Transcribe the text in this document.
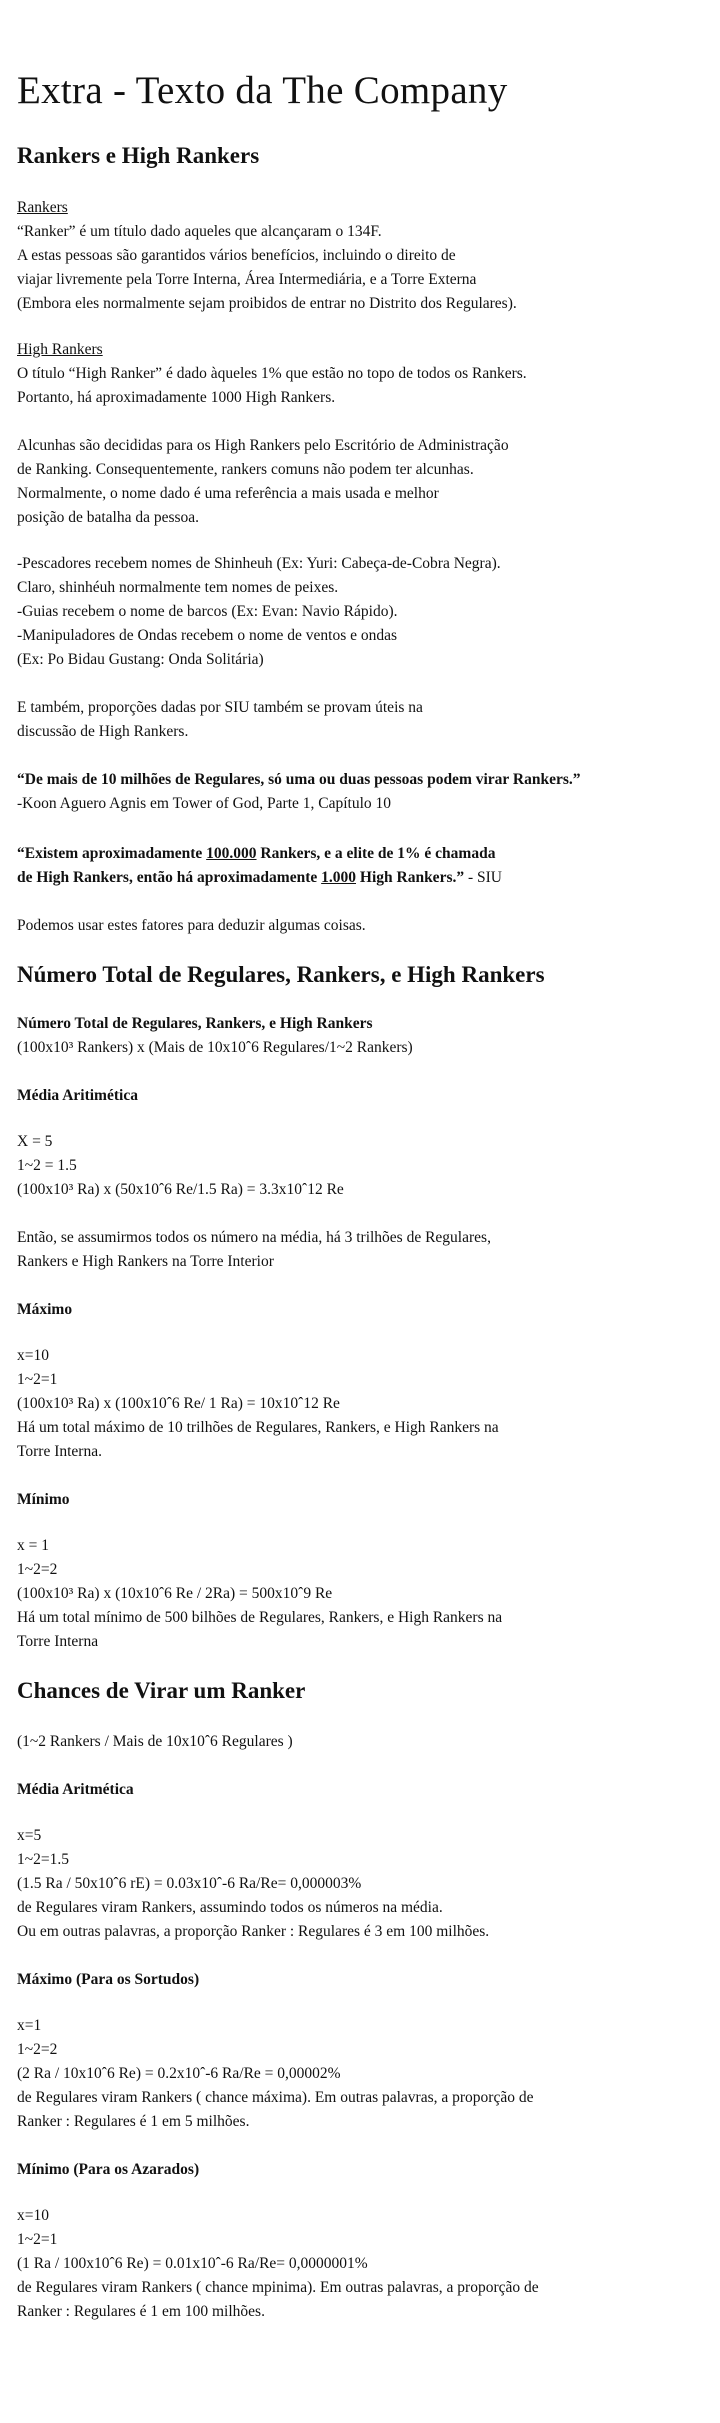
Extra - Texto da The Company
Rankers e High Rankers
Rankers
“Ranker” é um título dado aqueles que alcançaram o 134F.
A estas pessoas são garantidos vários benefícios, incluindo o direito de
viajar livremente pela Torre Interna, Área Intermediária, e a Torre Externa
(Embora eles normalmente sejam proibidos de entrar no Distrito dos Regulares).
High Rankers
O título “High Ranker” é dado àqueles 1% que estão no topo de todos os Rankers.
Portanto, há aproximadamente 1000 High Rankers.
Alcunhas são decididas para os High Rankers pelo Escritório de Administração
de Ranking. Consequentemente, rankers comuns não podem ter alcunhas.
Normalmente, o nome dado é uma referência a mais usada e melhor
posição de batalha da pessoa.
-Pescadores recebem nomes de Shinheuh (Ex: Yuri: Cabeça-de-Cobra Negra).
Claro, shinhéuh normalmente tem nomes de peixes.
-Guias recebem o nome de barcos (Ex: Evan: Navio Rápido).
-Manipuladores de Ondas recebem o nome de ventos e ondas
(Ex: Po Bidau Gustang: Onda Solitária)
E também, proporções dadas por SIU também se provam úteis na
discussão de High Rankers.
“De mais de 10 milhões de Regulares, só uma ou duas pessoas podem virar Rankers.”
-Koon Aguero Agnis em Tower of God, Parte 1, Capítulo 10
“Existem aproximadamente 100.000 Rankers, e a elite de 1% é chamada
de High Rankers, então há aproximadamente 1.000 High Rankers.” - SIU
Podemos usar estes fatores para deduzir algumas coisas.
Número Total de Regulares, Rankers, e High Rankers
Número Total de Regulares, Rankers, e High Rankers
(100x10³ Rankers) x (Mais de 10x10ˆ6 Regulares/1~2 Rankers)
Média Aritimética
X = 5
1~2 = 1.5
(100x10³ Ra) x (50x10ˆ6 Re/1.5 Ra) = 3.3x10ˆ12 Re
Então, se assumirmos todos os número na média, há 3 trilhões de Regulares,
Rankers e High Rankers na Torre Interior
Máximo
x=10
1~2=1
(100x10³ Ra) x (100x10ˆ6 Re/ 1 Ra) = 10x10ˆ12 Re
Há um total máximo de 10 trilhões de Regulares, Rankers, e High Rankers na
Torre Interna.
Mínimo
x = 1
1~2=2
(100x10³ Ra) x (10x10ˆ6 Re / 2Ra) = 500x10ˆ9 Re
Há um total mínimo de 500 bilhões de Regulares, Rankers, e High Rankers na
Torre Interna
Chances de Virar um Ranker
(1~2 Rankers / Mais de 10x10ˆ6 Regulares )
Média Aritmética
x=5
1~2=1.5
(1.5 Ra / 50x10ˆ6 rE) = 0.03x10ˆ-6 Ra/Re= 0,000003%
de Regulares viram Rankers, assumindo todos os números na média.
Ou em outras palavras, a proporção Ranker : Regulares é 3 em 100 milhões.
Máximo (Para os Sortudos)
x=1
1~2=2
(2 Ra / 10x10ˆ6 Re) = 0.2x10ˆ-6 Ra/Re = 0,00002%
de Regulares viram Rankers ( chance máxima). Em outras palavras, a proporção de
Ranker : Regulares é 1 em 5 milhões.
Mínimo (Para os Azarados)
x=10
1~2=1
(1 Ra / 100x10ˆ6 Re) = 0.01x10ˆ-6 Ra/Re= 0,0000001%
de Regulares viram Rankers ( chance mpinima). Em outras palavras, a proporção de
Ranker : Regulares é 1 em 100 milhões.
